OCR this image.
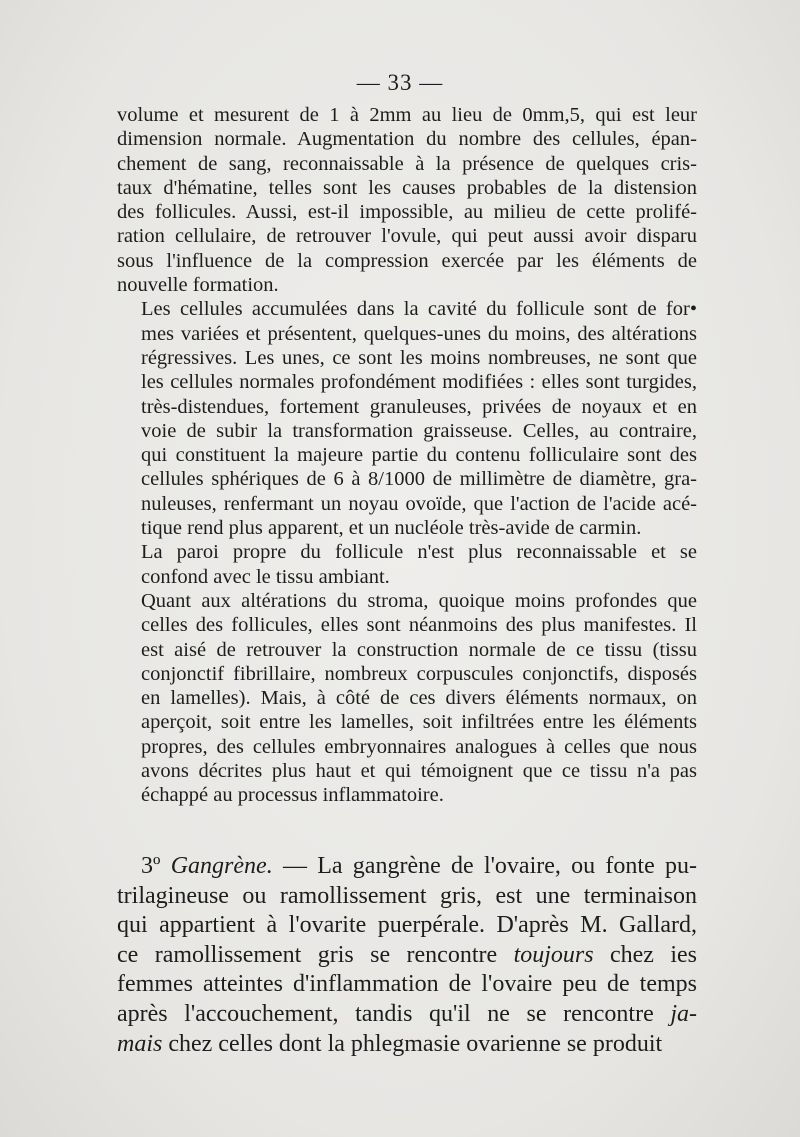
— 33 —

volume et mesurent de 1 à 2mm au lieu de 0mm,5, qui est leur
dimension normale. Augmentation du nombre des cellules, épan-
chement de sang, reconnaissable à la présence de quelques cris-
taux d'hématine, telles sont les causes probables de la distension
des follicules. Aussi, est-il impossible, au milieu de cette prolifé-
ration cellulaire, de retrouver l'ovule, qui peut aussi avoir disparu
sous l'influence de la compression exercée par les éléments de
nouvelle formation.

Les cellules accumulées dans la cavité du follicule sont de for•
mes variées et présentent, quelques-unes du moins, des altérations
régressives. Les unes, ce sont les moins nombreuses, ne sont que
les cellules normales profondément modifiées : elles sont turgides,
très-distendues, fortement granuleuses, privées de noyaux et en
voie de subir la transformation graisseuse. Celles, au contraire,
qui constituent la majeure partie du contenu folliculaire sont des
cellules sphériques de 6 à 8/1000 de millimètre de diamètre, gra-
nuleuses, renfermant un noyau ovoïde, que l'action de l'acide acé-
tique rend plus apparent, et un nucléole très-avide de carmin.

La paroi propre du follicule n'est plus reconnaissable et se
confond avec le tissu ambiant.

Quant aux altérations du stroma, quoique moins profondes que
celles des follicules, elles sont néanmoins des plus manifestes. Il
est aisé de retrouver la construction normale de ce tissu (tissu
conjonctif fibrillaire, nombreux corpuscules conjonctifs, disposés
en lamelles). Mais, à côté de ces divers éléments normaux, on
aperçoit, soit entre les lamelles, soit infiltrées entre les éléments
propres, des cellules embryonnaires analogues à celles que nous
avons décrites plus haut et qui témoignent que ce tissu n'a pas
échappé au processus inflammatoire.

3º Gangrène. — La gangrène de l'ovaire, ou fonte pu-
trilagineuse ou ramollissement gris, est une terminaison
qui appartient à l'ovarite puerpérale. D'après M. Gallard,
ce ramollissement gris se rencontre toujours chez ies
femmes atteintes d'inflammation de l'ovaire peu de temps
après l'accouchement, tandis qu'il ne se rencontre ja-
mais chez celles dont la phlegmasie ovarienne se produit
